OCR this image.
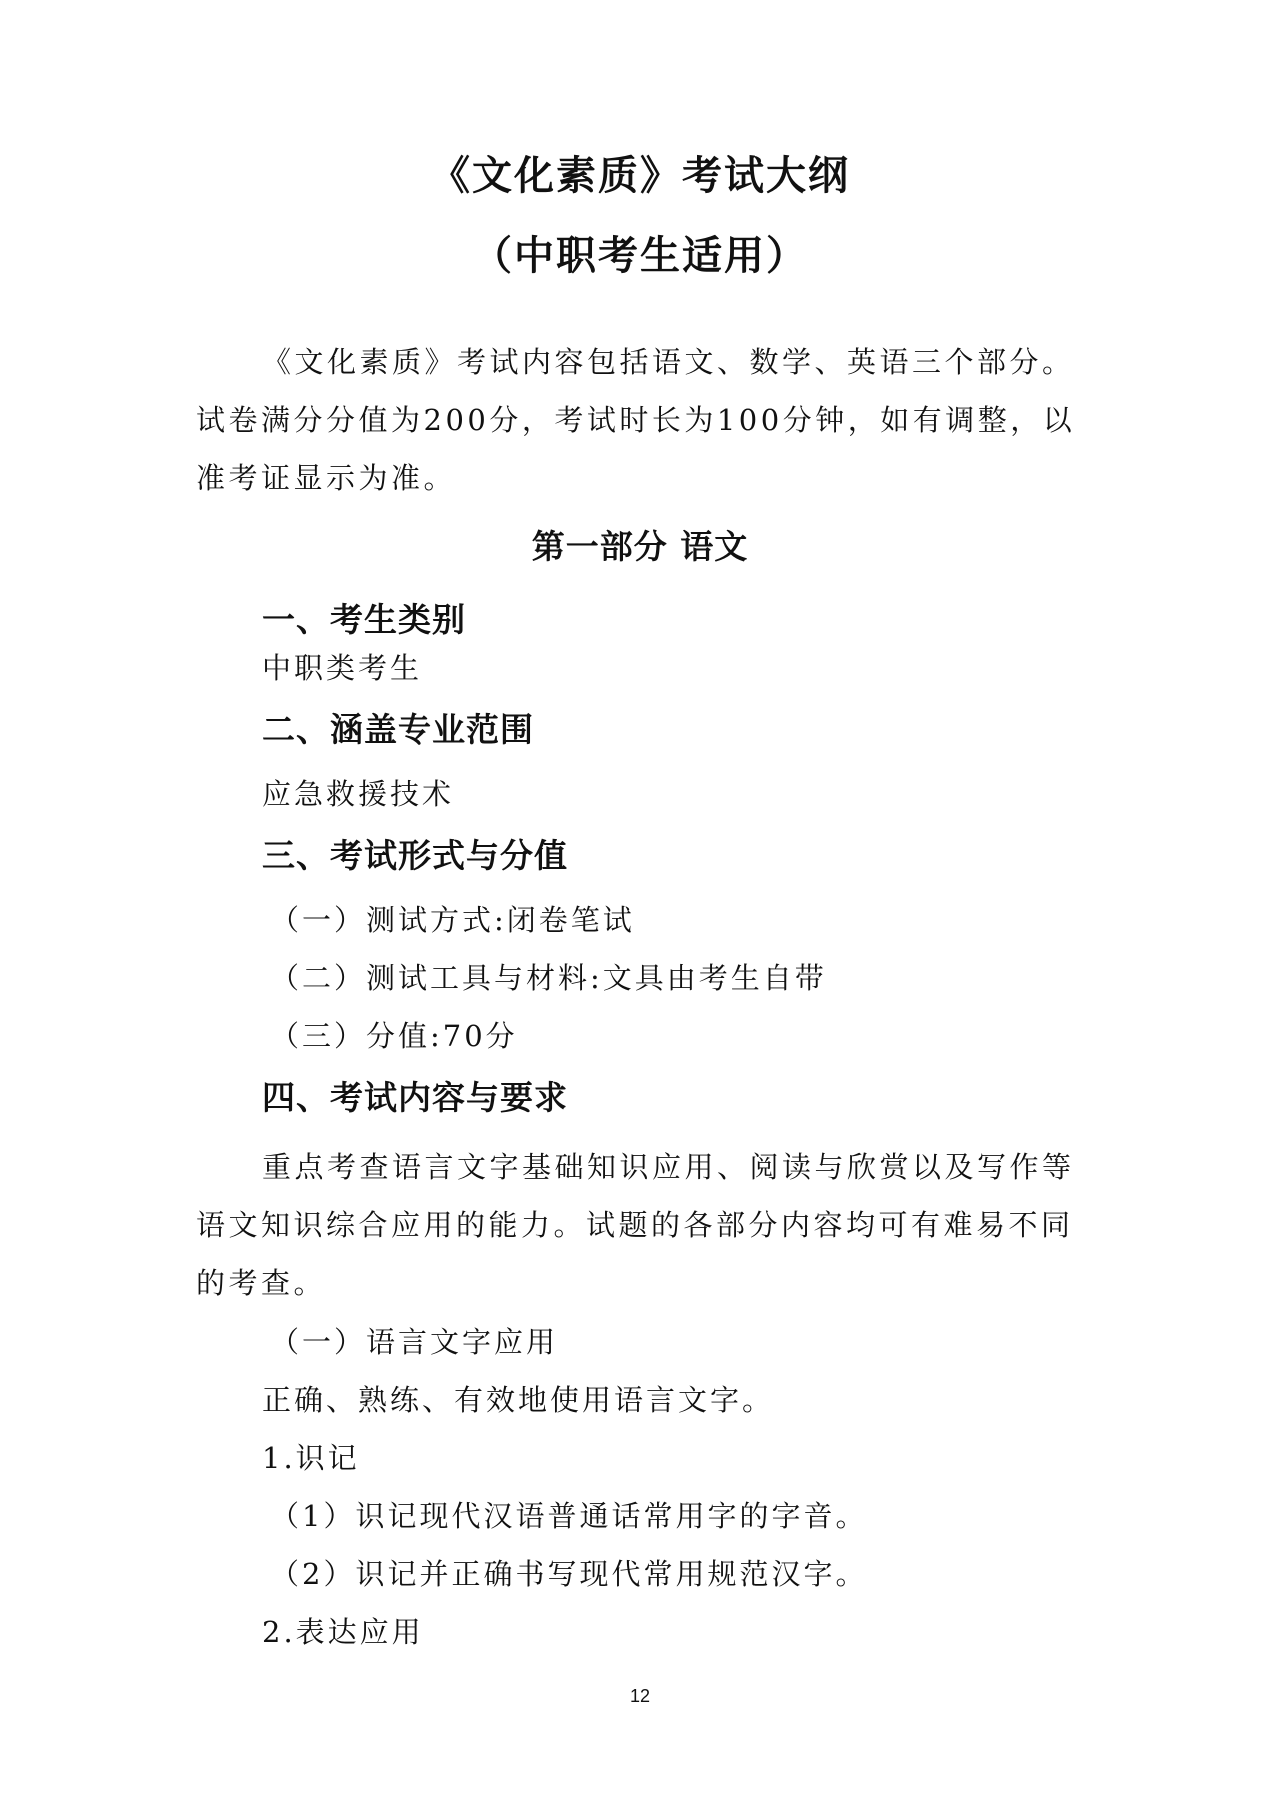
《文化素质》考试大纲
（中职考生适用）

《文化素质》考试内容包括语文、数学、英语三个部分。试卷满分分值为200分，考试时长为100分钟，如有调整，以准考证显示为准。

第一部分 语文
一、考生类别
中职类考生
二、涵盖专业范围
应急救援技术
三、考试形式与分值
（一）测试方式:闭卷笔试
（二）测试工具与材料:文具由考生自带
（三）分值:70分
四、考试内容与要求

重点考查语言文字基础知识应用、阅读与欣赏以及写作等语文知识综合应用的能力。试题的各部分内容均可有难易不同的考查。

（一）语言文字应用
正确、熟练、有效地使用语言文字。
1.识记
（1）识记现代汉语普通话常用字的字音。
（2）识记并正确书写现代常用规范汉字。
2.表达应用
12
